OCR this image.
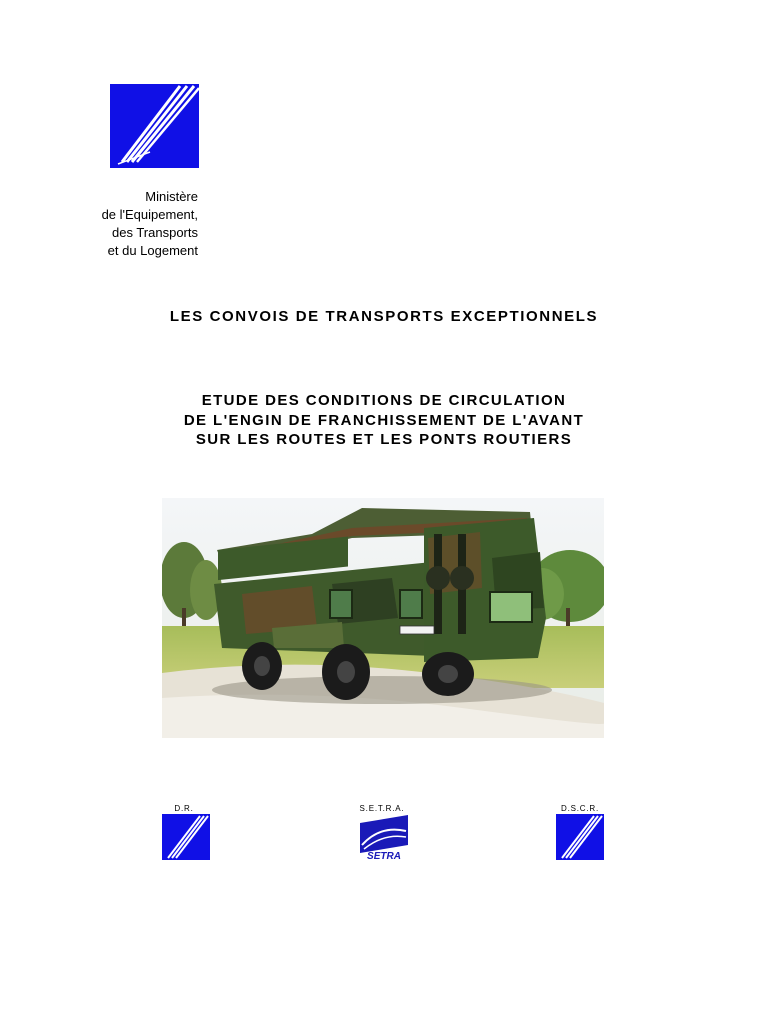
Ministère
de l'Equipement,
des Transports
et du Logement
LES CONVOIS DE TRANSPORTS EXCEPTIONNELS
ETUDE DES CONDITIONS DE CIRCULATION
DE L'ENGIN DE FRANCHISSEMENT DE L'AVANT
SUR LES ROUTES ET LES PONTS ROUTIERS
D.R.	S.E.T.R.A.
SETRA
D.S.C.R.
